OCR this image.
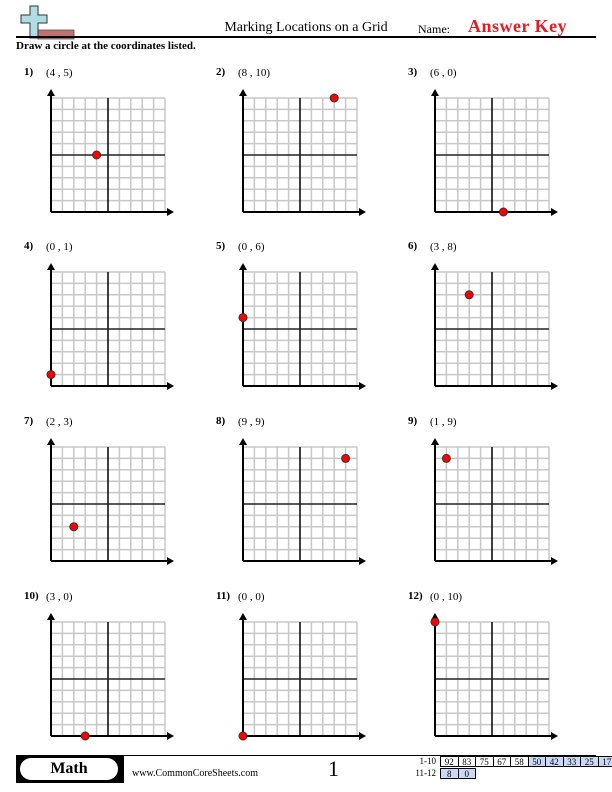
Marking Locations on a Grid	Name: Answer Key
Draw a circle at the coordinates listed.
1) (4 , 5)	2) (8 , 10)	3) (6 , 0)
4) (0 , 1)	5) (0 , 6)	6) (3 , 8)
7) (2 , 3)	8) (9 , 9)	9) (1 , 9)
10) (3 , 0)	11) (0 , 0)	12) (0 , 10)
Math	www.CommonCoreSheets.com	1	1-10 92 83 75 67 58 50 42 33 25 17
11-12	8	0
